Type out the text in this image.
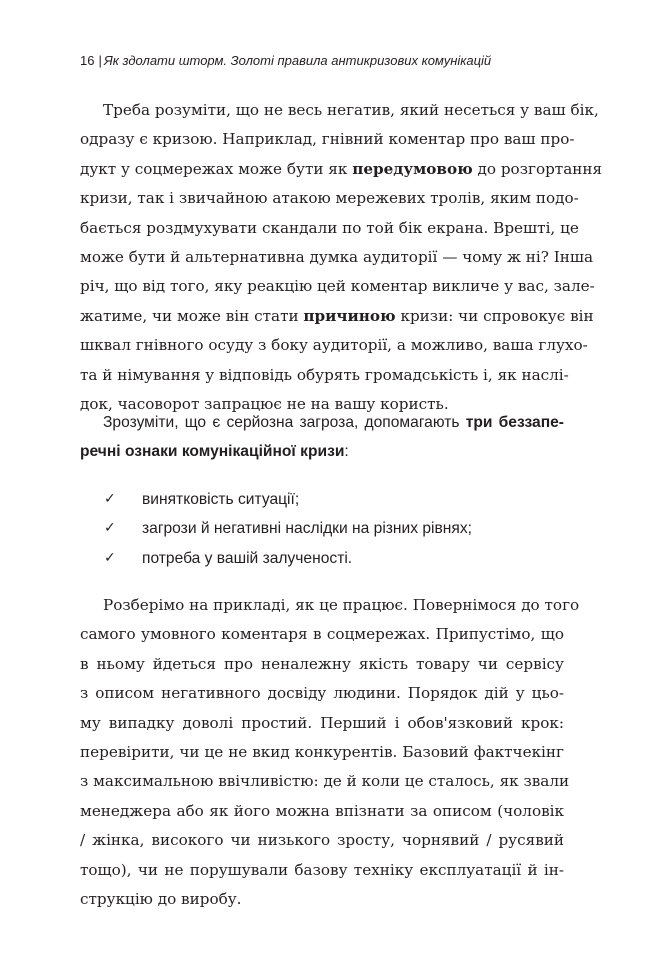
16 | Як здолати шторм. Золоті правила антикризових комунікацій
Треба розуміти, що не весь негатив, який несеться у ваш бік,
одразу є кризою. Наприклад, гнівний коментар про ваш про-
дукт у соцмережах може бути як передумовою до розгортання
кризи, так і звичайною атакою мережевих тролів, яким подо-
бається роздмухувати скандали по той бік екрана. Врешті, це
може бути й альтернативна думка аудиторії — чому ж ні? Інша
річ, що від того, яку реакцію цей коментар викличе у вас, зале-
жатиме, чи може він стати причиною кризи: чи спровокує він
шквал гнівного осуду з боку аудиторії, а можливо, ваша глухо-
та й німування у відповідь обурять громадськість і, як наслі-
док, часоворот запрацює не на вашу користь.
Зрозуміти, що є серйозна загроза, допомагають три беззапе-
речні ознаки комунікаційної кризи:
✓	винятковість ситуації;
✓	загрози й негативні наслідки на різних рівнях;
✓	потреба у вашій залученості.
Розберімо на прикладі, як це працює. Повернімося до того
самого умовного коментаря в соцмережах. Припустімо, що
в ньому йдеться про неналежну якість товару чи сервісу
з описом негативного досвіду людини. Порядок дій у цьо-
му випадку доволі простий. Перший і обов'язковий крок:
перевірити, чи це не вкид конкурентів. Базовий фактчекінг
з максимальною ввічливістю: де й коли це сталось, як звали
менеджера або як його можна впізнати за описом (чоловік
/ жінка, високого чи низького зросту, чорнявий / русявий
тощо), чи не порушували базову техніку експлуатації й ін-
струкцію до виробу.
